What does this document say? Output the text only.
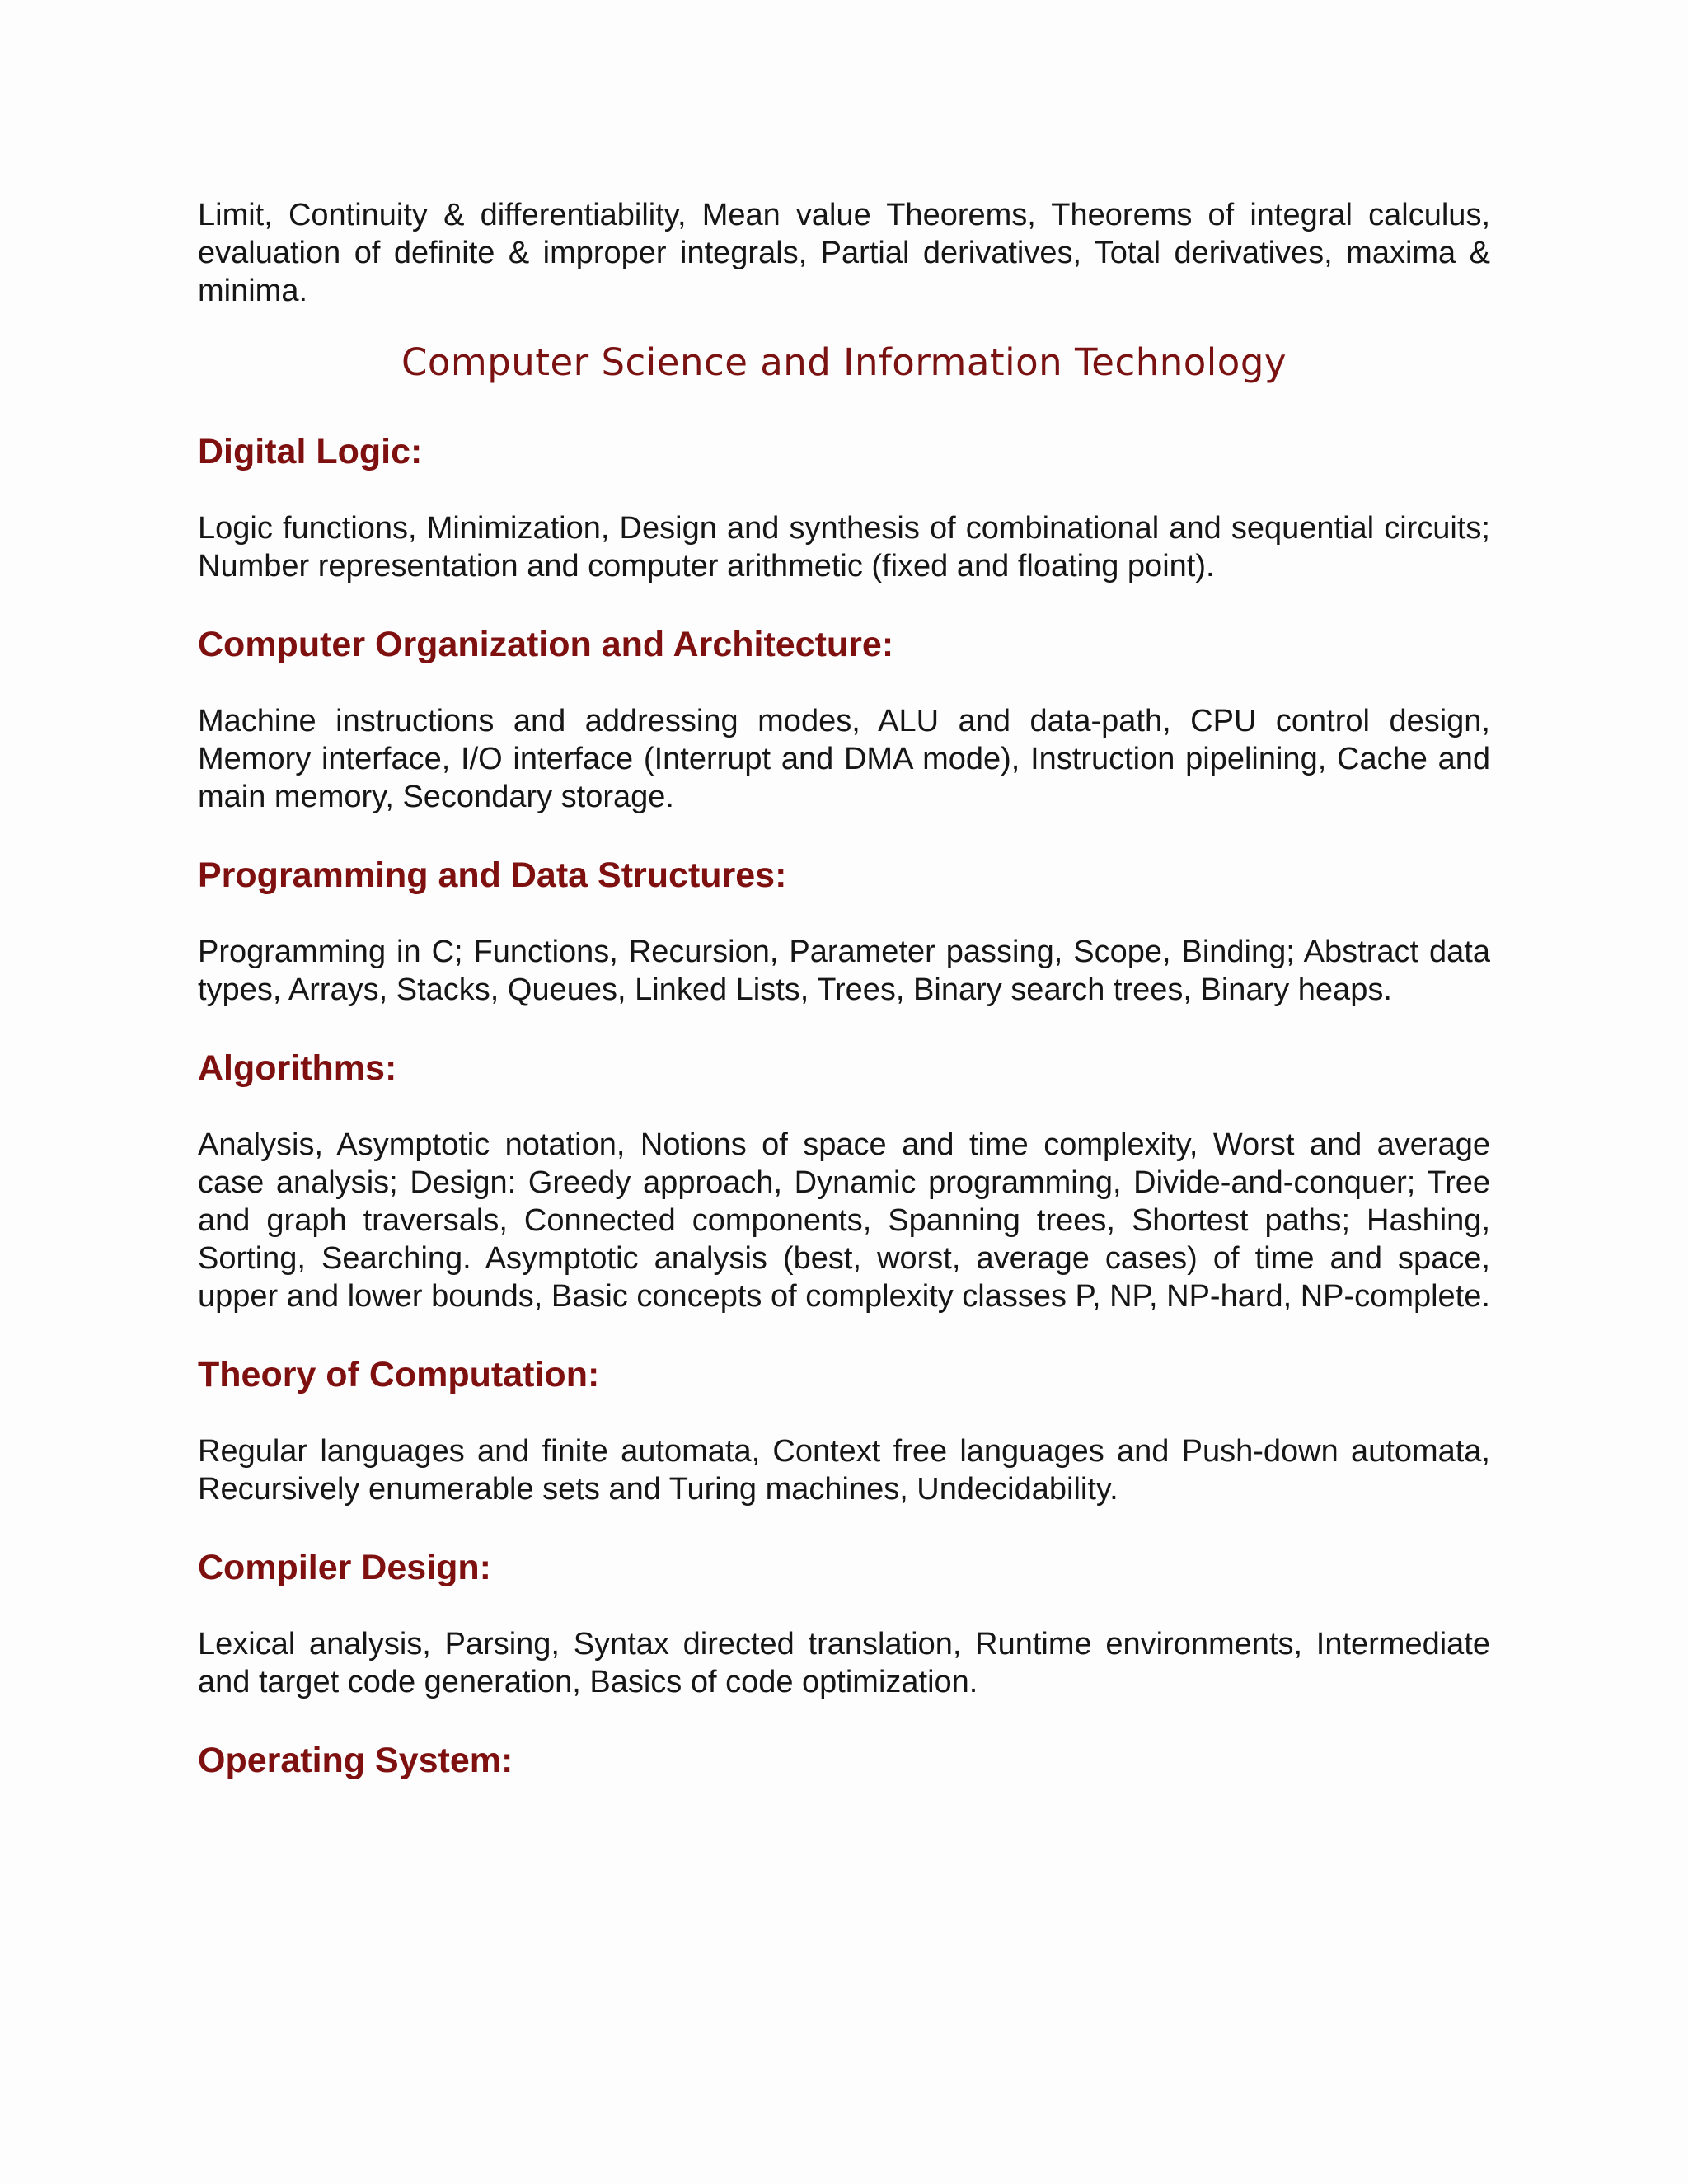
Limit, Continuity & differentiability, Mean value Theorems, Theorems of integral calculus, evaluation of definite & improper integrals, Partial derivatives, Total derivatives, maxima & minima.

Computer Science and Information Technology
Digital Logic:

Logic functions, Minimization, Design and synthesis of combinational and sequential circuits; Number representation and computer arithmetic (fixed and floating point).

Computer Organization and Architecture:

Machine instructions and addressing modes, ALU and data-path, CPU control design, Memory interface, I/O interface (Interrupt and DMA mode), Instruction pipelining, Cache and main memory, Secondary storage.

Programming and Data Structures:

Programming in C; Functions, Recursion, Parameter passing, Scope, Binding; Abstract data types, Arrays, Stacks, Queues, Linked Lists, Trees, Binary search trees, Binary heaps.

Algorithms:

Analysis, Asymptotic notation, Notions of space and time complexity, Worst and average case analysis; Design: Greedy approach, Dynamic programming, Divide-and-conquer; Tree and graph traversals, Connected components, Spanning trees, Shortest paths; Hashing, Sorting, Searching. Asymptotic analysis (best, worst, average cases) of time and space, upper and lower bounds, Basic concepts of complexity classes P, NP, NP-hard, NP-complete.

Theory of Computation:

Regular languages and finite automata, Context free languages and Push-down automata, Recursively enumerable sets and Turing machines, Undecidability.

Compiler Design:

Lexical analysis, Parsing, Syntax directed translation, Runtime environments, Intermediate and target code generation, Basics of code optimization.

Operating System:
